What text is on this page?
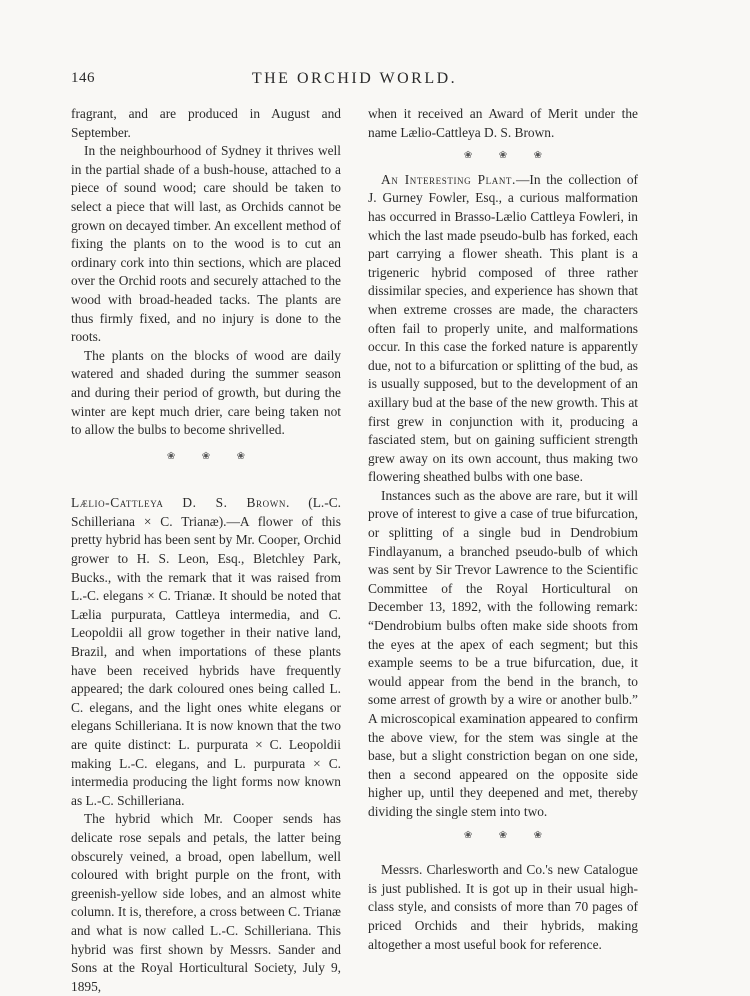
146	THE ORCHID WORLD.

fragrant, and are produced in August and September.

In the neighbourhood of Sydney it thrives well in the partial shade of a bush-house, attached to a piece of sound wood; care should be taken to select a piece that will last, as Orchids cannot be grown on decayed timber. An excellent method of fixing the plants on to the wood is to cut an ordinary cork into thin sections, which are placed over the Orchid roots and securely attached to the wood with broad-headed tacks. The plants are thus firmly fixed, and no injury is done to the roots.

The plants on the blocks of wood are daily watered and shaded during the summer season and during their period of growth, but during the winter are kept much drier, care being taken not to allow the bulbs to become shrivelled.

❀ ❀ ❀

Lælio-Cattleya D. S. Brown. (L.-C. Schilleriana × C. Trianæ).—A flower of this pretty hybrid has been sent by Mr. Cooper, Orchid grower to H. S. Leon, Esq., Bletchley Park, Bucks., with the remark that it was raised from L.-C. elegans × C. Trianæ. It should be noted that Lælia purpurata, Cattleya intermedia, and C. Leopoldii all grow together in their native land, Brazil, and when importations of these plants have been received hybrids have frequently appeared; the dark coloured ones being called L. C. elegans, and the light ones white elegans or elegans Schilleriana. It is now known that the two are quite distinct: L. purpurata × C. Leopoldii making L.-C. elegans, and L. purpurata × C. intermedia producing the light forms now known as L.-C. Schilleriana.

The hybrid which Mr. Cooper sends has delicate rose sepals and petals, the latter being obscurely veined, a broad, open labellum, well coloured with bright purple on the front, with greenish-yellow side lobes, and an almost white column. It is, therefore, a cross between C. Trianæ and what is now called L.-C. Schilleriana. This hybrid was first shown by Messrs. Sander and Sons at the Royal Horticultural Society, July 9, 1895,

when it received an Award of Merit under the name Lælio-Cattleya D. S. Brown.

❀ ❀ ❀

An Interesting Plant.—In the collection of J. Gurney Fowler, Esq., a curious malformation has occurred in Brasso-Lælio Cattleya Fowleri, in which the last made pseudo-bulb has forked, each part carrying a flower sheath. This plant is a trigeneric hybrid composed of three rather dissimilar species, and experience has shown that when extreme crosses are made, the characters often fail to properly unite, and malformations occur. In this case the forked nature is apparently due, not to a bifurcation or splitting of the bud, as is usually supposed, but to the development of an axillary bud at the base of the new growth. This at first grew in conjunction with it, producing a fasciated stem, but on gaining sufficient strength grew away on its own account, thus making two flowering sheathed bulbs with one base.

Instances such as the above are rare, but it will prove of interest to give a case of true bifurcation, or splitting of a single bud in Dendrobium Findlayanum, a branched pseudo-bulb of which was sent by Sir Trevor Lawrence to the Scientific Committee of the Royal Horticultural on December 13, 1892, with the following remark: “Dendrobium bulbs often make side shoots from the eyes at the apex of each segment; but this example seems to be a true bifurcation, due, it would appear from the bend in the branch, to some arrest of growth by a wire or another bulb.” A microscopical examination appeared to confirm the above view, for the stem was single at the base, but a slight constriction began on one side, then a second appeared on the opposite side higher up, until they deepened and met, thereby dividing the single stem into two.

❀ ❀ ❀

Messrs. Charlesworth and Co.'s new Catalogue is just published. It is got up in their usual high-class style, and consists of more than 70 pages of priced Orchids and their hybrids, making altogether a most useful book for reference.
